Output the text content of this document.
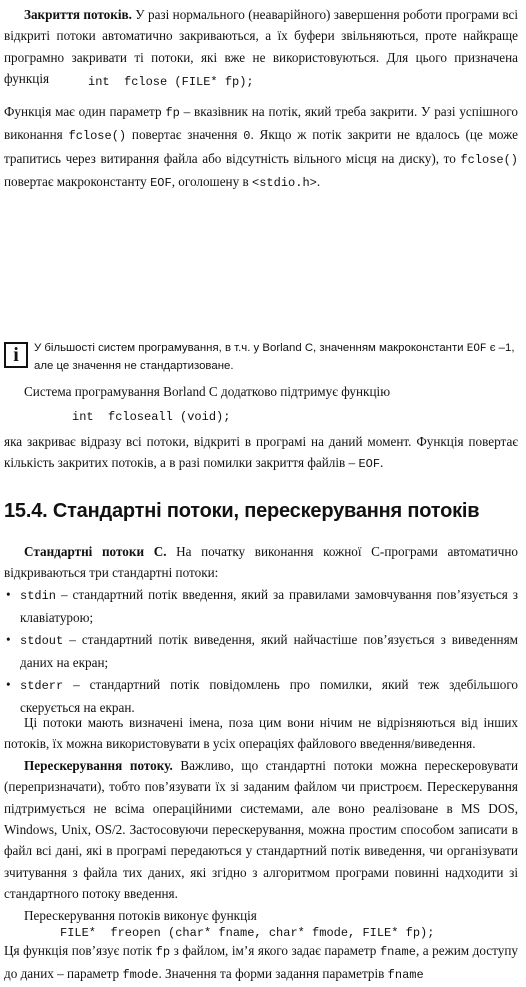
Закриття потоків. У разі нормального (неаварійного) завершення роботи програми всі відкриті потоки автоматично закриваються, а їх буфери звільняються, проте найкраще програмно закривати ті потоки, які вже не використовуються. Для цього призначена функція	int  fclose (FILE* fp);

Функція має один параметр fp – вказівник на потік, який треба закрити. У разі успішного виконання fclose() повертає значення 0. Якщо ж потік закрити не вдалось (це може трапитись через витирання файла або відсутність вільного місця на диску), то fclose() повертає макроконстанту EOF, оголошену в <stdio.h>.

i	У більшості систем програмування, в т.ч. у Borland C, значенням макроконстанти EOF є –1, але це значення не стандартизоване.

Система програмування Borland C додатково підтримує функцію

int  fcloseall (void);

яка закриває відразу всі потоки, відкриті в програмі на даний момент. Функція повертає кількість закритих потоків, а в разі помилки закриття файлів – EOF.

15.4. Стандартні потоки, перескерування потоків

Стандартні потоки С. На початку виконання кожної С-програми автоматично відкриваються три стандартні потоки:

• stdin – стандартний потік введення, який за правилами замовчування пов’язується з клавіатурою;
• stdout – стандартний потік виведення, який найчастіше пов’язується з виведенням даних на екран;
• stderr – стандартний потік повідомлень про помилки, який теж здебільшого скерується на екран.

Ці потоки мають визначені імена, поза цим вони нічим не відрізняються від інших потоків, їх можна використовувати в усіх операціях файлового введення/виведення.

Перескерування потоку. Важливо, що стандартні потоки можна перескеровувати (перепризначати), тобто пов’язувати їх зі заданим файлом чи пристроєм. Перескерування підтримується не всіма операційними системами, але воно реалізоване в MS DOS, Windows, Unix, OS/2. Застосовуючи перескерування, можна простим способом записати в файл всі дані, які в програмі передаються у стандартний потік виведення, чи організувати зчитування з файла тих даних, які згідно з алгоритмом програми повинні надходити зі стандартного потоку введення.

Перескерування потоків виконує функція

FILE*  freopen (char* fname, char* fmode, FILE* fp);

Ця функція пов’язує потік fp з файлом, ім’я якого задає параметр fname, а режим доступу до даних – параметр fmode. Значення та форми задання параметрів fname
